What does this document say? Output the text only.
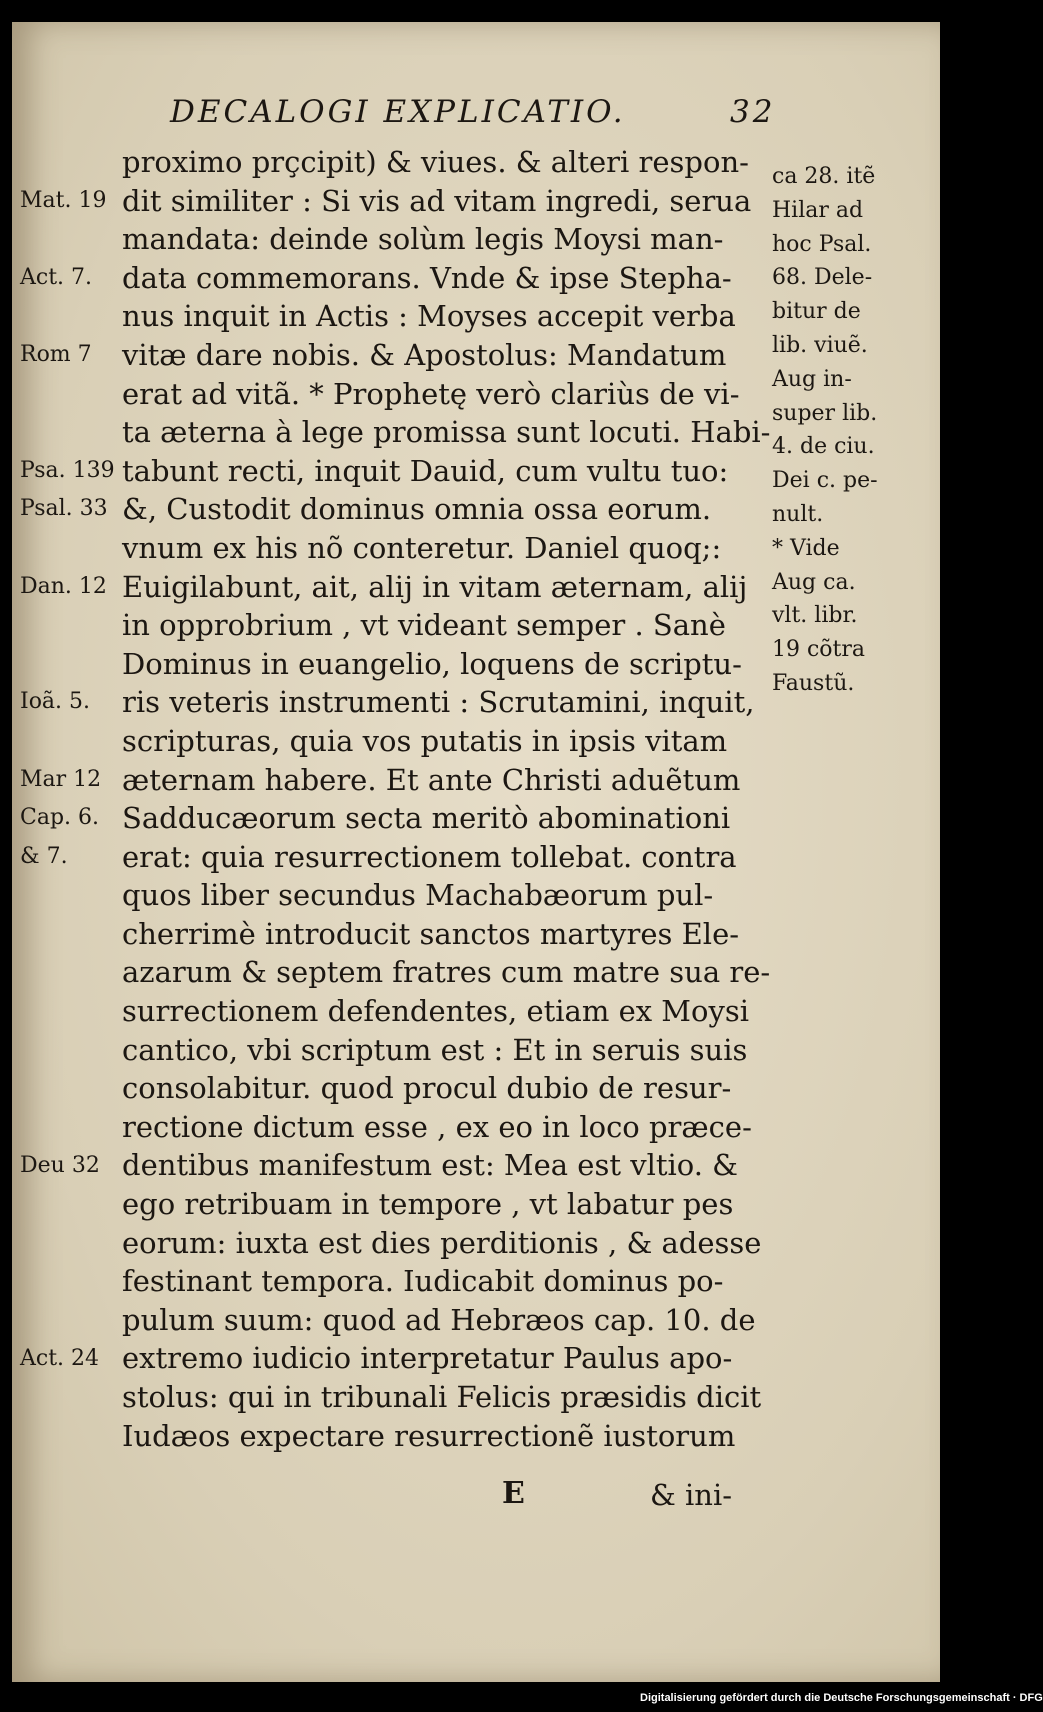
DECALOGI EXPLICATIO.	32
Mat. 19
Act. 7.
Rom 7
Psa. 139
Psal. 33
Dan. 12
Ioã. 5.
Mar 12
Cap. 6.
& 7.
Deu 32
Act. 24
proximo prçcipit) & viues. & alteri respon-
dit similiter : Si vis ad vitam ingredi, serua
mandata: deinde solùm legis Moysi man-
data commemorans. Vnde & ipse Stepha-
nus inquit in Actis : Moyses accepit verba
vitæ dare nobis. & Apostolus: Mandatum
erat ad vitã. * Prophetę verò clariùs de vi-
ta æterna à lege promissa sunt locuti. Habi-
tabunt recti, inquit Dauid, cum vultu tuo:
&, Custodit dominus omnia ossa eorum.
vnum ex his nõ conteretur. Daniel quoq;:
Euigilabunt, ait, alij in vitam æternam, alij
in opprobrium , vt videant semper . Sanè
Dominus in euangelio, loquens de scriptu-
ris veteris instrumenti : Scrutamini, inquit,
scripturas, quia vos putatis in ipsis vitam
æternam habere. Et ante Christi aduẽtum
Sadducæorum secta meritò abominationi
erat: quia resurrectionem tollebat. contra
quos liber secundus Machabæorum pul-
cherrimè introducit sanctos martyres Ele-
azarum & septem fratres cum matre sua re-
surrectionem defendentes, etiam ex Moysi
cantico, vbi scriptum est : Et in seruis suis
consolabitur. quod procul dubio de resur-
rectione dictum esse , ex eo in loco præce-
dentibus manifestum est: Mea est vltio. &
ego retribuam in tempore , vt labatur pes
eorum: iuxta est dies perditionis , & adesse
festinant tempora. Iudicabit dominus po-
pulum suum: quod ad Hebræos cap. 10. de
extremo iudicio interpretatur Paulus apo-
stolus: qui in tribunali Felicis præsidis dicit
Iudæos expectare resurrectionẽ iustorum
ca 28. itẽ
Hilar ad
hoc Psal.
68. Dele-
bitur de
lib. viuẽ.
Aug in-
super lib.
4. de ciu.
Dei c. pe-
nult.
* Vide
Aug ca.
vlt. libr.
19 cõtra
Faustũ.
E	& ini-
Digitalisierung gefördert durch die Deutsche Forschungsgemeinschaft · DFG
